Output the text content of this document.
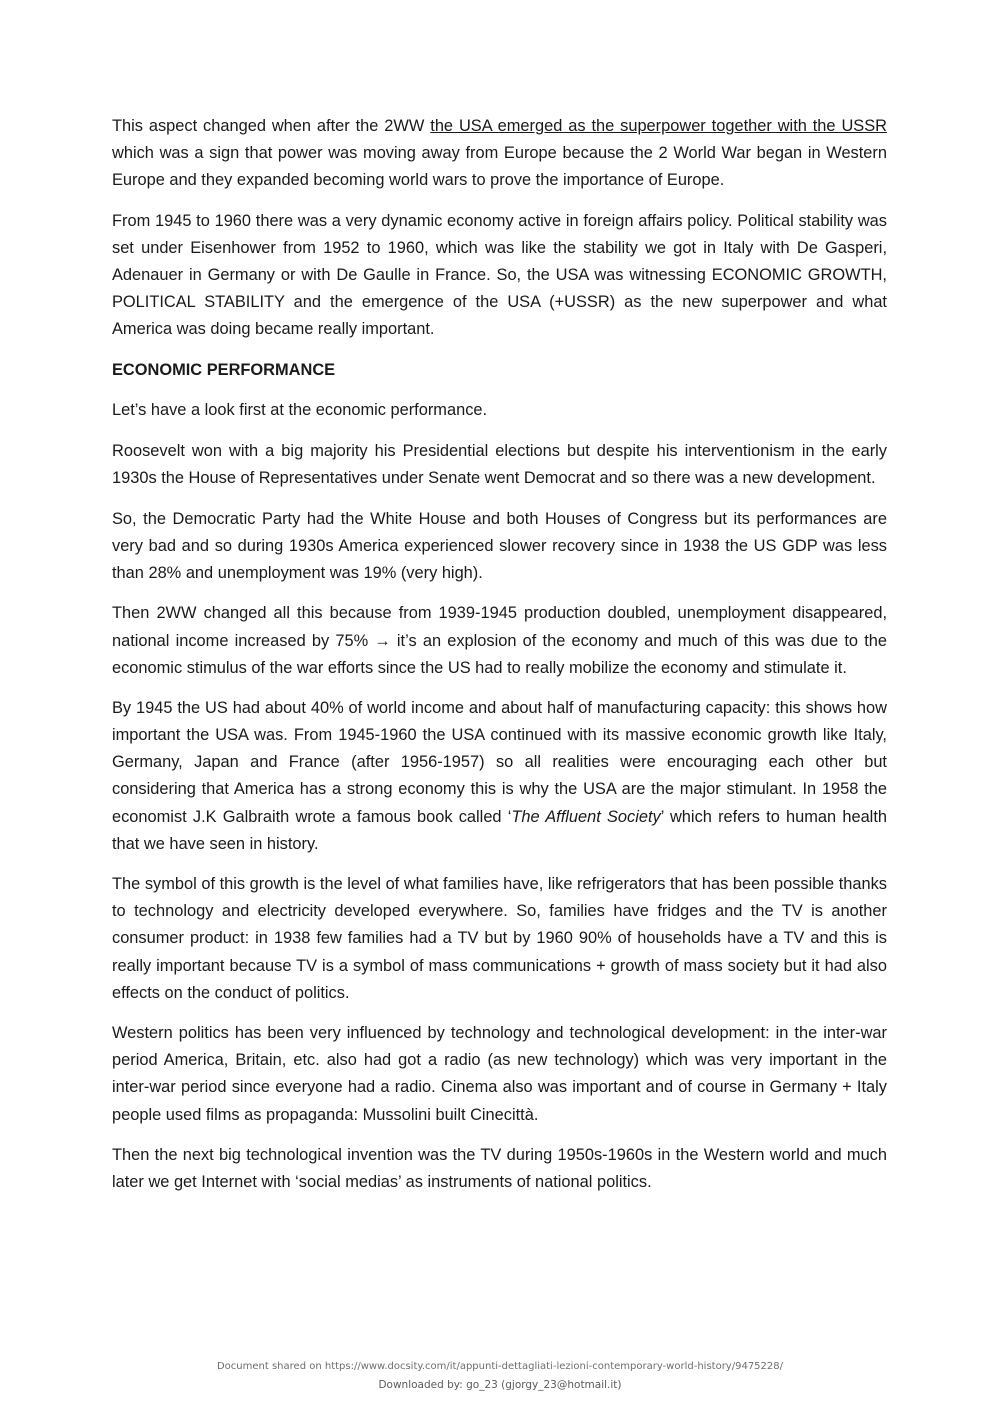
This aspect changed when after the 2WW the USA emerged as the superpower together with the USSR which was a sign that power was moving away from Europe because the 2 World War began in Western Europe and they expanded becoming world wars to prove the importance of Europe.

From 1945 to 1960 there was a very dynamic economy active in foreign affairs policy. Political stability was set under Eisenhower from 1952 to 1960, which was like the stability we got in Italy with De Gasperi, Adenauer in Germany or with De Gaulle in France. So, the USA was witnessing ECONOMIC GROWTH, POLITICAL STABILITY and the emergence of the USA (+USSR) as the new superpower and what America was doing became really important.

ECONOMIC PERFORMANCE

Let’s have a look first at the economic performance.

Roosevelt won with a big majority his Presidential elections but despite his interventionism in the early 1930s the House of Representatives under Senate went Democrat and so there was a new development.

So, the Democratic Party had the White House and both Houses of Congress but its performances are very bad and so during 1930s America experienced slower recovery since in 1938 the US GDP was less than 28% and unemployment was 19% (very high).

Then 2WW changed all this because from 1939-1945 production doubled, unemployment disappeared, national income increased by 75% → it’s an explosion of the economy and much of this was due to the economic stimulus of the war efforts since the US had to really mobilize the economy and stimulate it.

By 1945 the US had about 40% of world income and about half of manufacturing capacity: this shows how important the USA was. From 1945-1960 the USA continued with its massive economic growth like Italy, Germany, Japan and France (after 1956-1957) so all realities were encouraging each other but considering that America has a strong economy this is why the USA are the major stimulant. In 1958 the economist J.K Galbraith wrote a famous book called ‘The Affluent Society’ which refers to human health that we have seen in history.

The symbol of this growth is the level of what families have, like refrigerators that has been possible thanks to technology and electricity developed everywhere. So, families have fridges and the TV is another consumer product: in 1938 few families had a TV but by 1960 90% of households have a TV and this is really important because TV is a symbol of mass communications + growth of mass society but it had also effects on the conduct of politics.

Western politics has been very influenced by technology and technological development: in the inter-war period America, Britain, etc. also had got a radio (as new technology) which was very important in the inter-war period since everyone had a radio. Cinema also was important and of course in Germany + Italy people used films as propaganda: Mussolini built Cinecittà.

Then the next big technological invention was the TV during 1950s-1960s in the Western world and much later we get Internet with ‘social medias’ as instruments of national politics.

Document shared on https://www.docsity.com/it/appunti-dettagliati-lezioni-contemporary-world-history/9475228/
Downloaded by: go_23 (gjorgy_23@hotmail.it)
